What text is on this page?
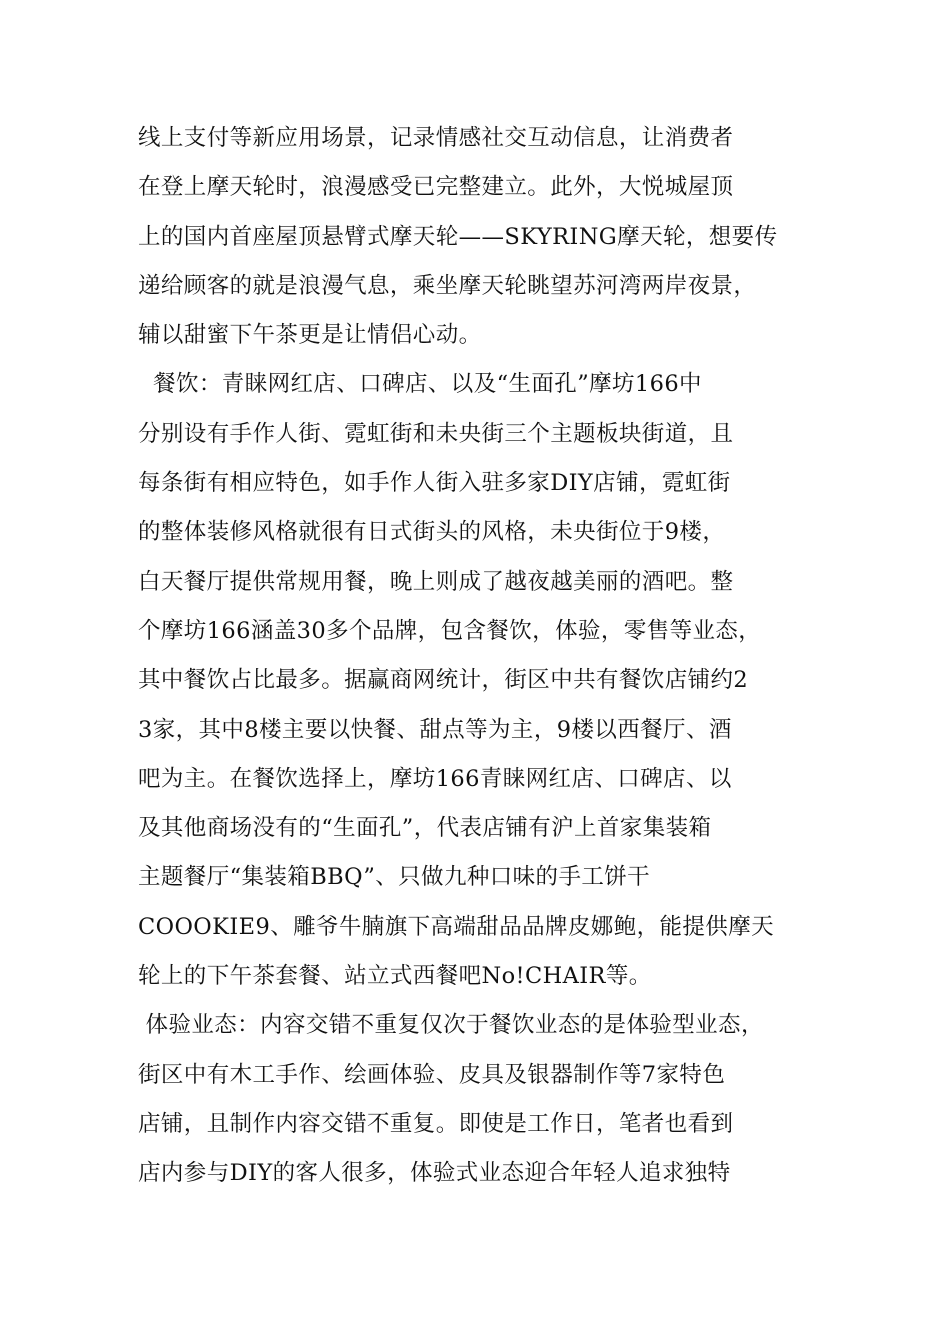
线上支付等新应用场景，记录情感社交互动信息，让消费者
在登上摩天轮时，浪漫感受已完整建立。此外，大悦城屋顶
上的国内首座屋顶悬臂式摩天轮——SKYRING摩天轮，想要传
递给顾客的就是浪漫气息，乘坐摩天轮眺望苏河湾两岸夜景，
辅以甜蜜下午茶更是让情侣心动。
餐饮：青睐网红店、口碑店、以及“生面孔”摩坊166中
分别设有手作人街、霓虹街和未央街三个主题板块街道，且
每条街有相应特色，如手作人街入驻多家DIY店铺，霓虹街
的整体装修风格就很有日式街头的风格，未央街位于9楼，
白天餐厅提供常规用餐，晚上则成了越夜越美丽的酒吧。整
个摩坊166涵盖30多个品牌，包含餐饮，体验，零售等业态，
其中餐饮占比最多。据赢商网统计，街区中共有餐饮店铺约2
3家，其中8楼主要以快餐、甜点等为主，9楼以西餐厅、酒
吧为主。在餐饮选择上，摩坊166青睐网红店、口碑店、以
及其他商场没有的“生面孔”，代表店铺有沪上首家集装箱
主题餐厅“集装箱BBQ”、只做九种口味的手工饼干
COOOKIE9、雕爷牛腩旗下高端甜品品牌皮娜鲍，能提供摩天
轮上的下午茶套餐、站立式西餐吧No!CHAIR等。
体验业态：内容交错不重复仅次于餐饮业态的是体验型业态，
街区中有木工手作、绘画体验、皮具及银器制作等7家特色
店铺，且制作内容交错不重复。即使是工作日，笔者也看到
店内参与DIY的客人很多，体验式业态迎合年轻人追求独特
